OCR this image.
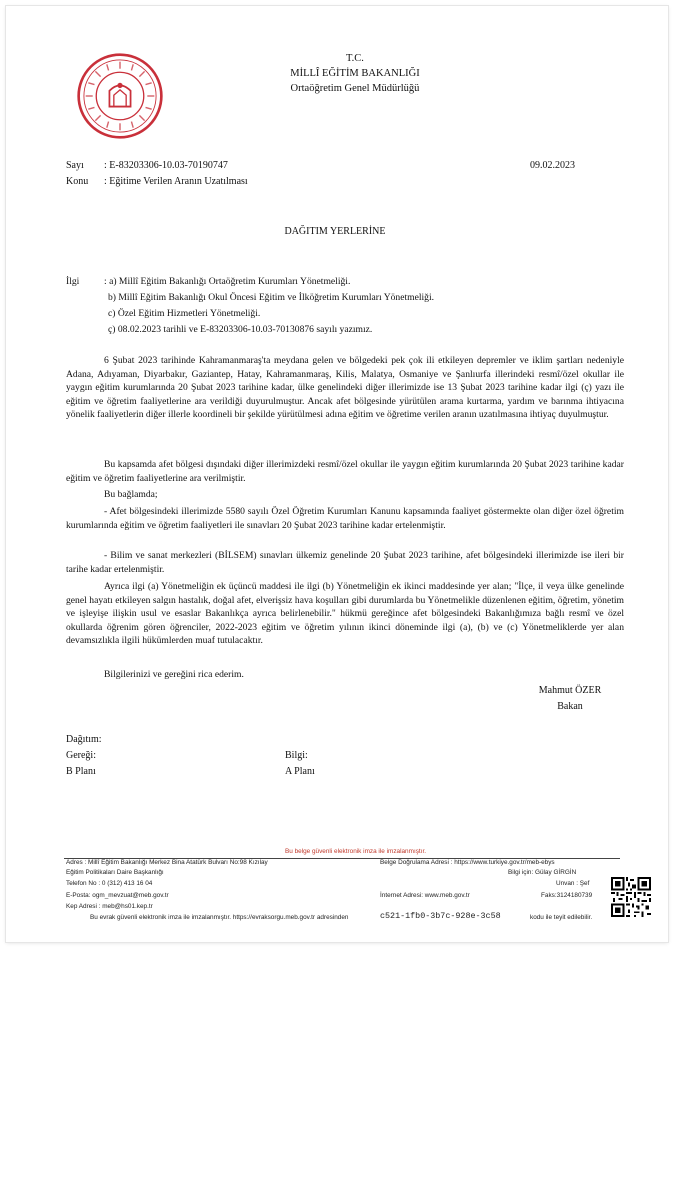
T.C.
MİLLÎ EĞİTİM BAKANLIĞI
Ortaöğretim Genel Müdürlüğü
Sayı : E-83203306-10.03-70190747	09.02.2023
Konu : Eğitime Verilen Aranın Uzatılması
DAĞITIM YERLERİNE
İlgi	: a) Millî Eğitim Bakanlığı Ortaöğretim Kurumları Yönetmeliği.
b) Millî Eğitim Bakanlığı Okul Öncesi Eğitim ve İlköğretim Kurumları Yönetmeliği.
c) Özel Eğitim Hizmetleri Yönetmeliği.
ç) 08.02.2023 tarihli ve E-83203306-10.03-70130876 sayılı yazımız.

6 Şubat 2023 tarihinde Kahramanmaraş'ta meydana gelen ve bölgedeki pek çok ili etkileyen depremler ve iklim şartları nedeniyle Adana, Adıyaman, Diyarbakır, Gaziantep, Hatay, Kahramanmaraş, Kilis, Malatya, Osmaniye ve Şanlıurfa illerindeki resmî/özel okullar ile yaygın eğitim kurumlarında 20 Şubat 2023 tarihine kadar, ülke genelindeki diğer illerimizde ise 13 Şubat 2023 tarihine kadar ilgi (ç) yazı ile eğitim ve öğretim faaliyetlerine ara verildiği duyurulmuştur. Ancak afet bölgesinde yürütülen arama kurtarma, yardım ve barınma ihtiyacına yönelik faaliyetlerin diğer illerle koordineli bir şekilde yürütülmesi adına eğitim ve öğretime verilen aranın uzatılmasına ihtiyaç duyulmuştur.

Bu kapsamda afet bölgesi dışındaki diğer illerimizdeki resmî/özel okullar ile yaygın eğitim kurumlarında 20 Şubat 2023 tarihine kadar eğitim ve öğretim faaliyetlerine ara verilmiştir.

Bu bağlamda;

- Afet bölgesindeki illerimizde 5580 sayılı Özel Öğretim Kurumları Kanunu kapsamında faaliyet göstermekte olan diğer özel öğretim kurumlarında eğitim ve öğretim faaliyetleri ile sınavları 20 Şubat 2023 tarihine kadar ertelenmiştir.

- Bilim ve sanat merkezleri (BİLSEM) sınavları ülkemiz genelinde 20 Şubat 2023 tarihine, afet bölgesindeki illerimizde ise ileri bir tarihe kadar ertelenmiştir.

Ayrıca ilgi (a) Yönetmeliğin ek üçüncü maddesi ile ilgi (b) Yönetmeliğin ek ikinci maddesinde yer alan; "İlçe, il veya ülke genelinde genel hayatı etkileyen salgın hastalık, doğal afet, elverişsiz hava koşulları gibi durumlarda bu Yönetmelikle düzenlenen eğitim, öğretim, yönetim ve işleyişe ilişkin usul ve esaslar Bakanlıkça ayrıca belirlenebilir." hükmü gereğince afet bölgesindeki Bakanlığımıza bağlı resmî ve özel okullarda öğrenim gören öğrenciler, 2022-2023 eğitim ve öğretim yılının ikinci döneminde ilgi (a), (b) ve (c) Yönetmeliklerde yer alan devamsızlıkla ilgili hükümlerden muaf tutulacaktır.

Bilgilerinizi ve gereğini rica ederim.

Mahmut ÖZER
Bakan
Dağıtım:
Gereği:
B Planı
Bilgi:
A Planı
Bu belge güvenli elektronik imza ile imzalanmıştır.
Adres : Millî Eğitim Bakanlığı Merkez Bina Atatürk Bulvarı No:98 Kızılay
Eğitim Politikaları Daire Başkanlığı
Telefon No : 0 (312) 413 16 04
E-Posta: ogm_mevzuat@meb.gov.tr
Kep Adresi : meb@hs01.kep.tr
Belge Doğrulama Adresi : https://www.turkiye.gov.tr/meb-ebys
Bilgi için: Gülay GİRGİN
Unvan : Şef
İnternet Adresi: www.meb.gov.tr	Faks:3124180739
Bu evrak güvenli elektronik imza ile imzalanmıştır. https://evraksorgu.meb.gov.tr adresinden	c521-1fb0-3b7c-928e-3c58	kodu ile teyit edilebilir.
